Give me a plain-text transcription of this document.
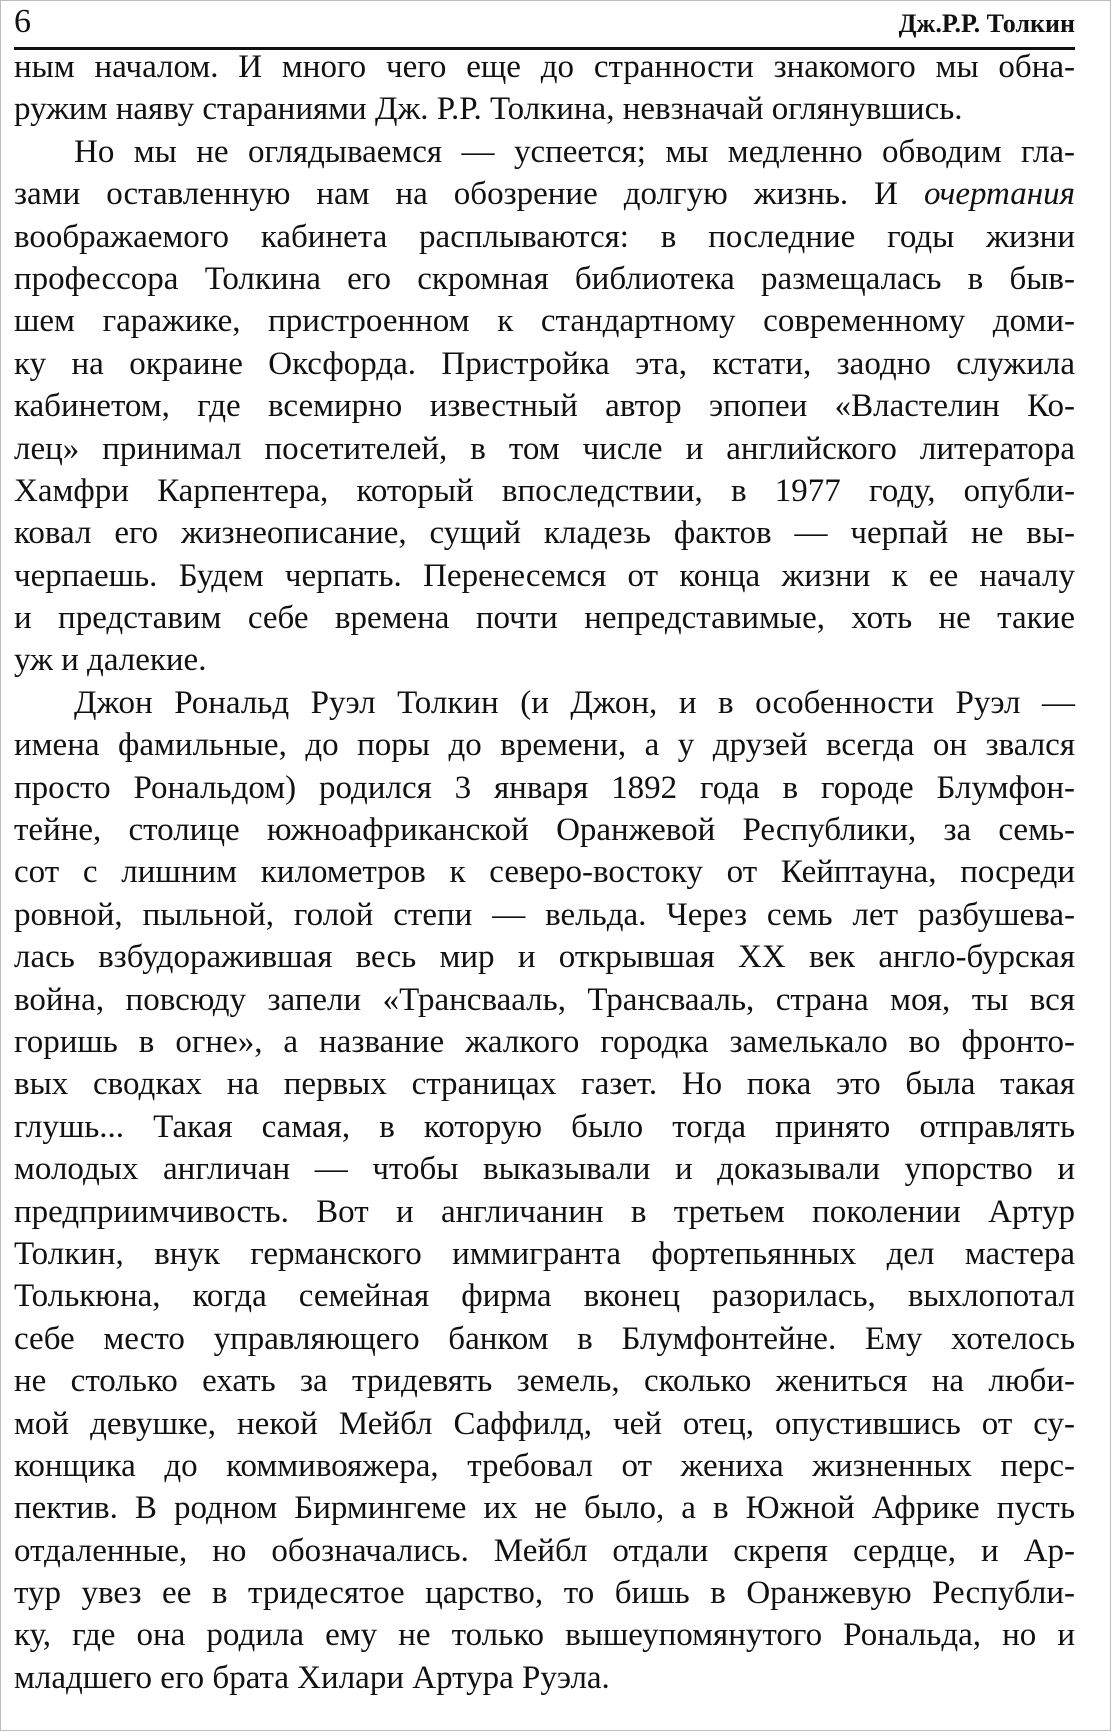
6	Дж.Р.Р. Толкин
ным началом. И много чего еще до странности знакомого мы обна-
ружим наяву стараниями Дж. Р.Р. Толкина, невзначай оглянувшись.
Но мы не оглядываемся — успеется; мы медленно обводим гла-
зами оставленную нам на обозрение долгую жизнь. И очертания
воображаемого кабинета расплываются: в последние годы жизни
профессора Толкина его скромная библиотека размещалась в быв-
шем гаражике, пристроенном к стандартному современному доми-
ку на окраине Оксфорда. Пристройка эта, кстати, заодно служила
кабинетом, где всемирно известный автор эпопеи «Властелин Ко-
лец» принимал посетителей, в том числе и английского литератора
Хамфри Карпентера, который впоследствии, в 1977 году, опубли-
ковал его жизнеописание, сущий кладезь фактов — черпай не вы-
черпаешь. Будем черпать. Перенесемся от конца жизни к ее началу
и представим себе времена почти непредставимые, хоть не такие
уж и далекие.
Джон Рональд Руэл Толкин (и Джон, и в особенности Руэл —
имена фамильные, до поры до времени, а у друзей всегда он звался
просто Рональдом) родился 3 января 1892 года в городе Блумфон-
тейне, столице южноафриканской Оранжевой Республики, за семь-
сот с лишним километров к северо-востоку от Кейптауна, посреди
ровной, пыльной, голой степи — вельда. Через семь лет разбушева-
лась взбудоражившая весь мир и открывшая XX век англо-бурская
война, повсюду запели «Трансвааль, Трансвааль, страна моя, ты вся
горишь в огне», а название жалкого городка замелькало во фронто-
вых сводках на первых страницах газет. Но пока это была такая
глушь... Такая самая, в которую было тогда принято отправлять
молодых англичан — чтобы выказывали и доказывали упорство и
предприимчивость. Вот и англичанин в третьем поколении Артур
Толкин, внук германского иммигранта фортепьянных дел мастера
Толькюна, когда семейная фирма вконец разорилась, выхлопотал
себе место управляющего банком в Блумфонтейне. Ему хотелось
не столько ехать за тридевять земель, сколько жениться на люби-
мой девушке, некой Мейбл Саффилд, чей отец, опустившись от су-
конщика до коммивояжера, требовал от жениха жизненных перс-
пектив. В родном Бирмингеме их не было, а в Южной Африке пусть
отдаленные, но обозначались. Мейбл отдали скрепя сердце, и Ар-
тур увез ее в тридесятое царство, то бишь в Оранжевую Республи-
ку, где она родила ему не только вышеупомянутого Рональда, но и
младшего его брата Хилари Артура Руэла.
